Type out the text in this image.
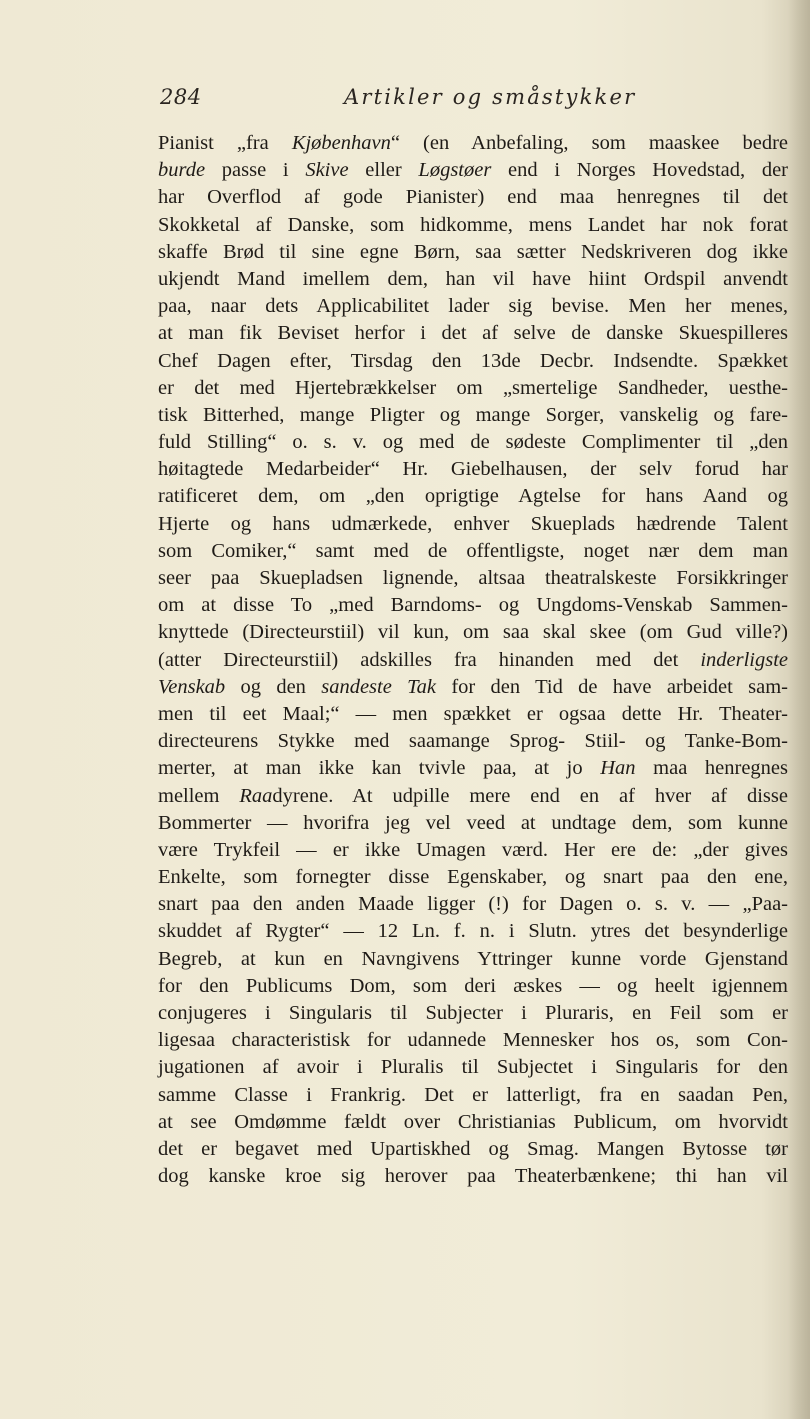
284	Artikler og småstykker
Pianist „fra Kjøbenhavn“ (en Anbefaling, som maaskee bedre
burde passe i Skive eller Løgstøer end i Norges Hovedstad, der
har Overflod af gode Pianister) end maa henregnes til det
Skokketal af Danske, som hidkomme, mens Landet har nok forat
skaffe Brød til sine egne Børn, saa sætter Nedskriveren dog ikke
ukjendt Mand imellem dem, han vil have hiint Ordspil anvendt
paa, naar dets Applicabilitet lader sig bevise. Men her menes,
at man fik Beviset herfor i det af selve de danske Skuespilleres
Chef Dagen efter, Tirsdag den 13de Decbr. Indsendte. Spækket
er det med Hjertebrækkelser om „smertelige Sandheder, uesthe-
tisk Bitterhed, mange Pligter og mange Sorger, vanskelig og fare-
fuld Stilling“ o. s. v. og med de sødeste Complimenter til „den
høitagtede Medarbeider“ Hr. Giebelhausen, der selv forud har
ratificeret dem, om „den oprigtige Agtelse for hans Aand og
Hjerte og hans udmærkede, enhver Skueplads hædrende Talent
som Comiker,“ samt med de offentligste, noget nær dem man
seer paa Skuepladsen lignende, altsaa theatralskeste Forsikkringer
om at disse To „med Barndoms- og Ungdoms-Venskab Sammen-
knyttede (Directeurstiil) vil kun, om saa skal skee (om Gud ville?)
(atter Directeurstiil) adskilles fra hinanden med det inderligste
Venskab og den sandeste Tak for den Tid de have arbeidet sam-
men til eet Maal;“ — men spækket er ogsaa dette Hr. Theater-
directeurens Stykke med saamange Sprog- Stiil- og Tanke-Bom-
merter, at man ikke kan tvivle paa, at jo Han maa henregnes
mellem Raadyrene. At udpille mere end en af hver af disse
Bommerter — hvorifra jeg vel veed at undtage dem, som kunne
være Trykfeil — er ikke Umagen værd. Her ere de: „der gives
Enkelte, som fornegter disse Egenskaber, og snart paa den ene,
snart paa den anden Maade ligger (!) for Dagen o. s. v. — „Paa-
skuddet af Rygter“ — 12 Ln. f. n. i Slutn. ytres det besynderlige
Begreb, at kun en Navngivens Yttringer kunne vorde Gjenstand
for den Publicums Dom, som deri æskes — og heelt igjennem
conjugeres i Singularis til Subjecter i Pluraris, en Feil som er
ligesaa characteristisk for udannede Mennesker hos os, som Con-
jugationen af avoir i Pluralis til Subjectet i Singularis for den
samme Classe i Frankrig. Det er latterligt, fra en saadan Pen,
at see Omdømme fældt over Christianias Publicum, om hvorvidt
det er begavet med Upartiskhed og Smag. Mangen Bytosse tør
dog kanske kroe sig herover paa Theaterbænkene; thi han vil
